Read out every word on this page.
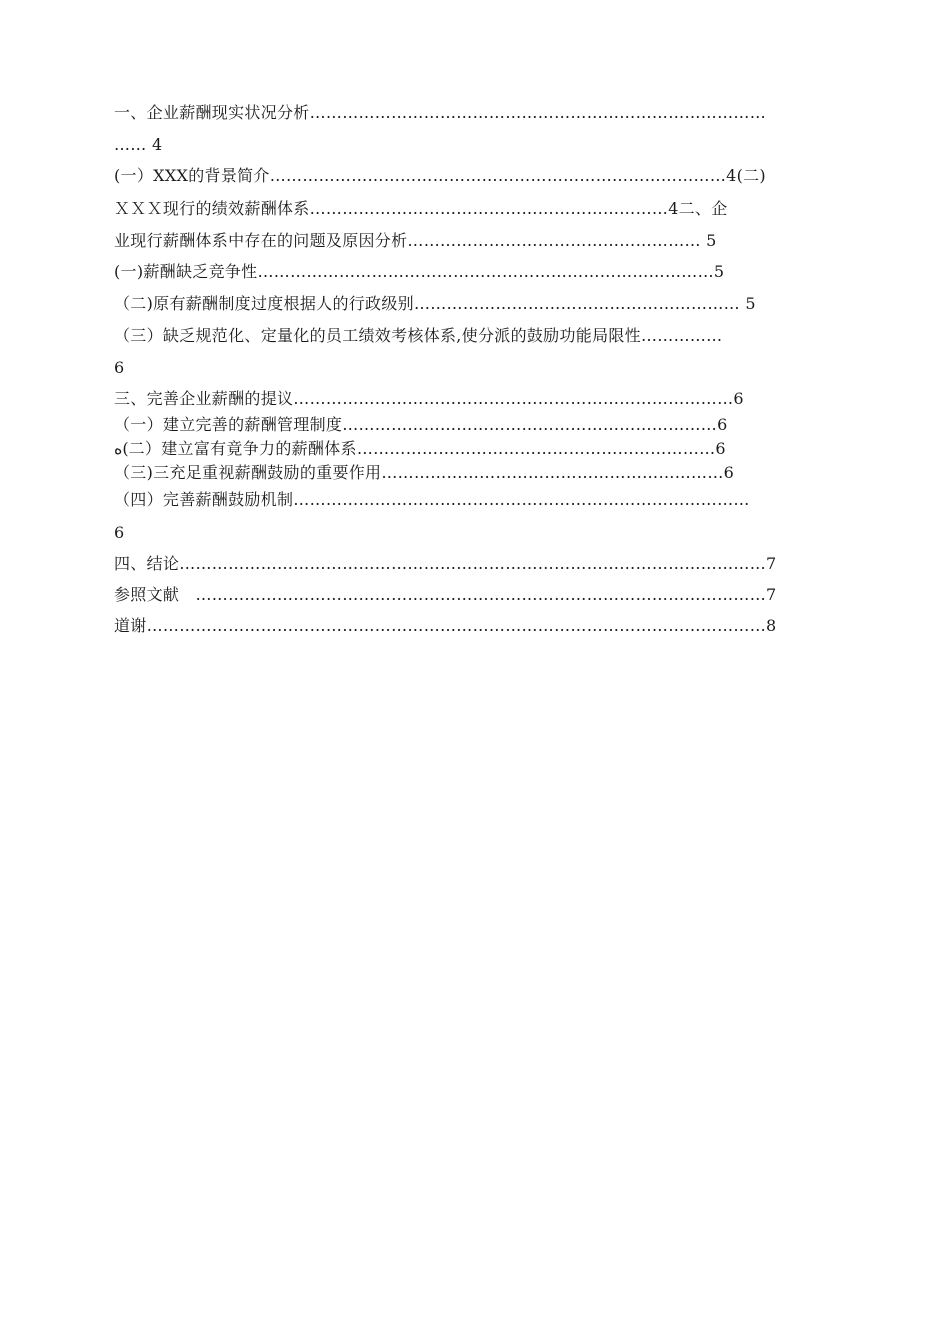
一、企业薪酬现实状况分析…………………………………………………………………………
…… 4
(一）XXX的背景简介…………………………………………………………………………4(二)
ＸＸＸ现行的绩效薪酬体系…………………………………………………………4二、企
业现行薪酬体系中存在的问题及原因分析……………………………………………… 5
(一)薪酬缺乏竞争性…………………………………………………………………………5
（二)原有薪酬制度过度根据人的行政级别…………………………………………………… 5
（三）缺乏规范化、定量化的员工绩效考核体系,使分派的鼓励功能局限性……………
6
三、完善企业薪酬的提议………………………………………………………………………6
（一）建立完善的薪酬管理制度……………………………………………………………6
ﻩ(二）建立富有竟争力的薪酬体系…………………………………………………………6
（三)三充足重视薪酬鼓励的重要作用………………………………………………………6
（四）完善薪酬鼓励机制…………………………………………………………………………
6
四、结论………………………………………………………………………………………………7
参照文献　……………………………………………………………………………………………7
道谢……………………………………………………………………………………………………8
